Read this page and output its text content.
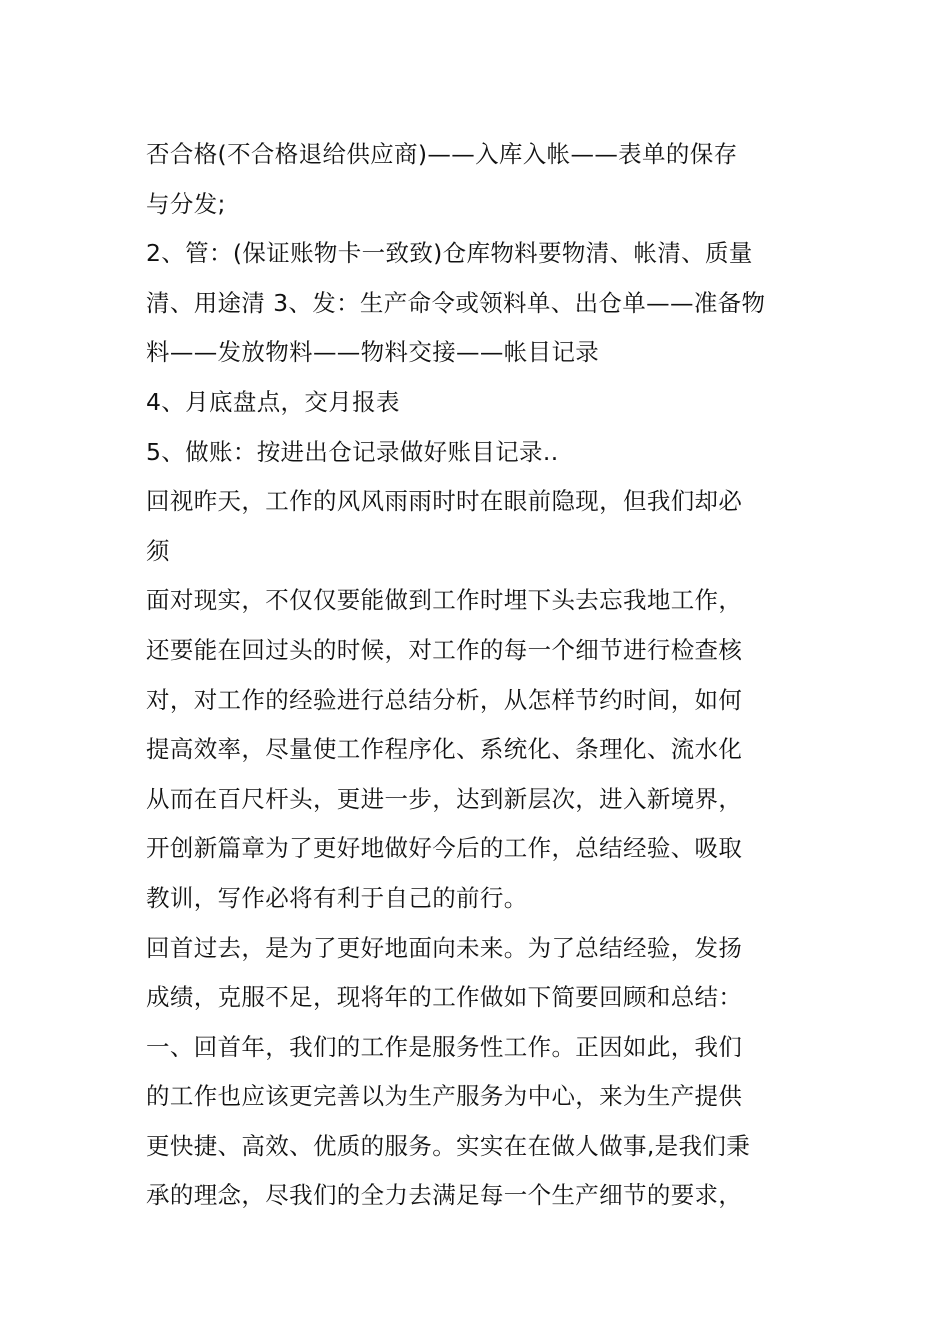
否合格(不合格退给供应商)——入库入帐——表单的保存
与分发;
2、管：(保证账物卡一致致)仓库物料要物清、帐清、质量
清、用途清 3、发：生产命令或领料单、出仓单——准备物
料——发放物料——物料交接——帐目记录
4、月底盘点，交月报表
5、做账：按进出仓记录做好账目记录..
回视昨天，工作的风风雨雨时时在眼前隐现，但我们却必
须
面对现实，不仅仅要能做到工作时埋下头去忘我地工作，
还要能在回过头的时候，对工作的每一个细节进行检查核
对，对工作的经验进行总结分析，从怎样节约时间，如何
提高效率，尽量使工作程序化、系统化、条理化、流水化
从而在百尺杆头，更进一步，达到新层次，进入新境界，
开创新篇章为了更好地做好今后的工作，总结经验、吸取
教训，写作必将有利于自己的前行。
回首过去，是为了更好地面向未来。为了总结经验，发扬
成绩，克服不足，现将年的工作做如下简要回顾和总结：
一、回首年，我们的工作是服务性工作。正因如此，我们
的工作也应该更完善以为生产服务为中心，来为生产提供
更快捷、高效、优质的服务。实实在在做人做事,是我们秉
承的理念，尽我们的全力去满足每一个生产细节的要求，
